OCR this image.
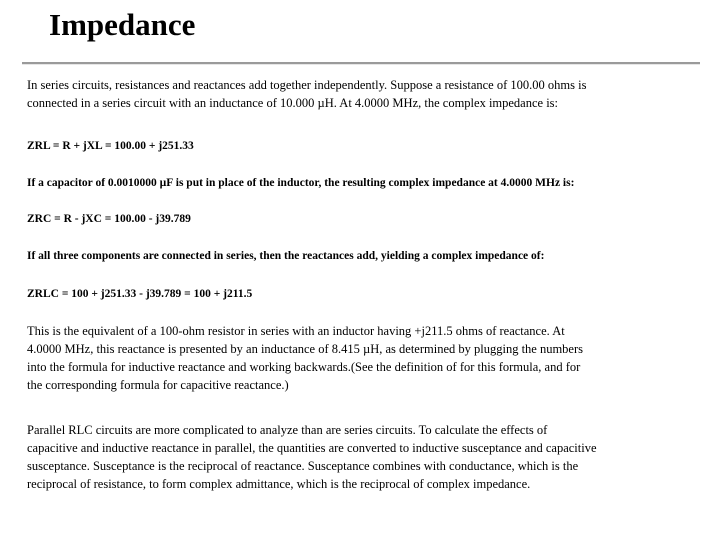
Impedance

In series circuits, resistances and reactances add together independently. Suppose a resistance of 100.00 ohms is
connected in a series circuit with an inductance of 10.000 µH. At 4.0000 MHz, the complex impedance is:

ZRL = R + jXL = 100.00 + j251.33

If a capacitor of 0.0010000 µF is put in place of the inductor, the resulting complex impedance at 4.0000 MHz is:

ZRC = R - jXC = 100.00 - j39.789

If all three components are connected in series, then the reactances add, yielding a complex impedance of:

ZRLC = 100 + j251.33 - j39.789 = 100 + j211.5

This is the equivalent of a 100-ohm resistor in series with an inductor having +j211.5 ohms of reactance. At
4.0000 MHz, this reactance is presented by an inductance of 8.415 µH, as determined by plugging the numbers
into the formula for inductive reactance and working backwards.(See the definition of for this formula, and for
the corresponding formula for capacitive reactance.)

Parallel RLC circuits are more complicated to analyze than are series circuits. To calculate the effects of
capacitive and inductive reactance in parallel, the quantities are converted to inductive susceptance and capacitive
susceptance. Susceptance is the reciprocal of reactance. Susceptance combines with conductance, which is the
reciprocal of resistance, to form complex admittance, which is the reciprocal of complex impedance.
